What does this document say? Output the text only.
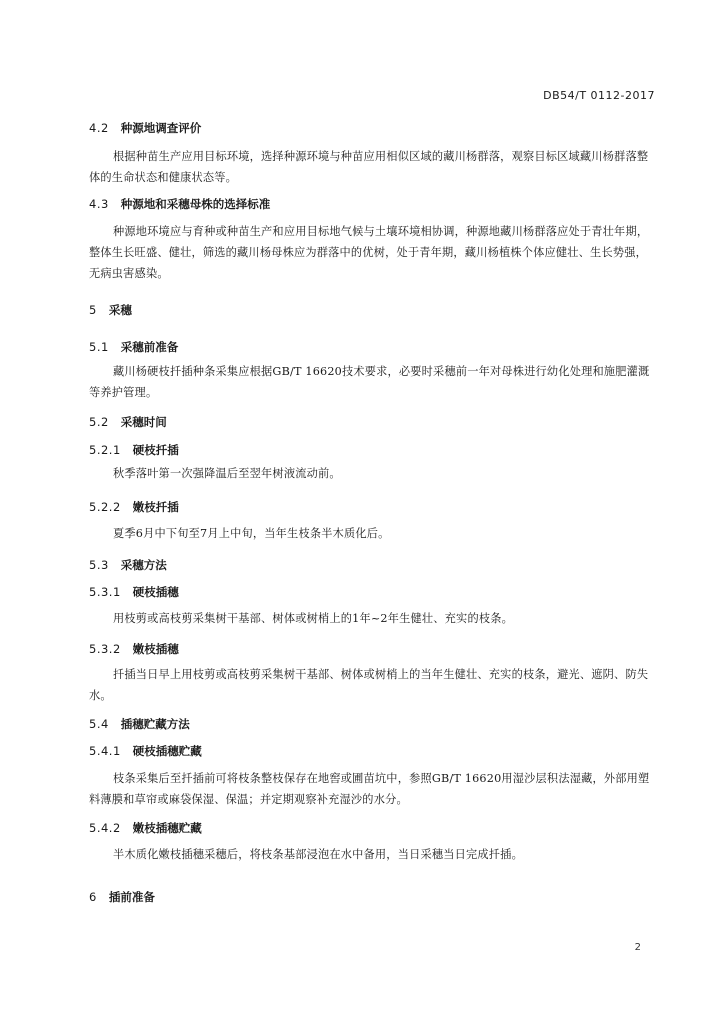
DB54/T 0112-2017
4.2 种源地调查评价

根据种苗生产应用目标环境，选择种源环境与种苗应用相似区域的藏川杨群落，观察目标区域藏川杨群落整体的生命状态和健康状态等。

4.3 种源地和采穗母株的选择标准

种源地环境应与育种或种苗生产和应用目标地气候与土壤环境相协调，种源地藏川杨群落应处于青壮年期，整体生长旺盛、健壮，筛选的藏川杨母株应为群落中的优树，处于青年期，藏川杨植株个体应健壮、生长势强，无病虫害感染。

5 采穗
5.1 采穗前准备

藏川杨硬枝扦插种条采集应根据GB/T 16620技术要求，必要时采穗前一年对母株进行幼化处理和施肥灌溉等养护管理。

5.2 采穗时间
5.2.1 硬枝扦插

秋季落叶第一次强降温后至翌年树液流动前。

5.2.2 嫩枝扦插

夏季6月中下旬至7月上中旬，当年生枝条半木质化后。

5.3 采穗方法
5.3.1 硬枝插穗

用枝剪或高枝剪采集树干基部、树体或树梢上的1年~2年生健壮、充实的枝条。

5.3.2 嫩枝插穗

扦插当日早上用枝剪或高枝剪采集树干基部、树体或树梢上的当年生健壮、充实的枝条，避光、遮阴、防失水。

5.4 插穗贮藏方法
5.4.1 硬枝插穗贮藏

枝条采集后至扦插前可将枝条整枝保存在地窖或圃苗坑中，参照GB/T 16620用湿沙层积法湿藏，外部用塑料薄膜和草帘或麻袋保湿、保温；并定期观察补充湿沙的水分。

5.4.2 嫩枝插穗贮藏

半木质化嫩枝插穗采穗后，将枝条基部浸泡在水中备用，当日采穗当日完成扦插。

6 插前准备
2
